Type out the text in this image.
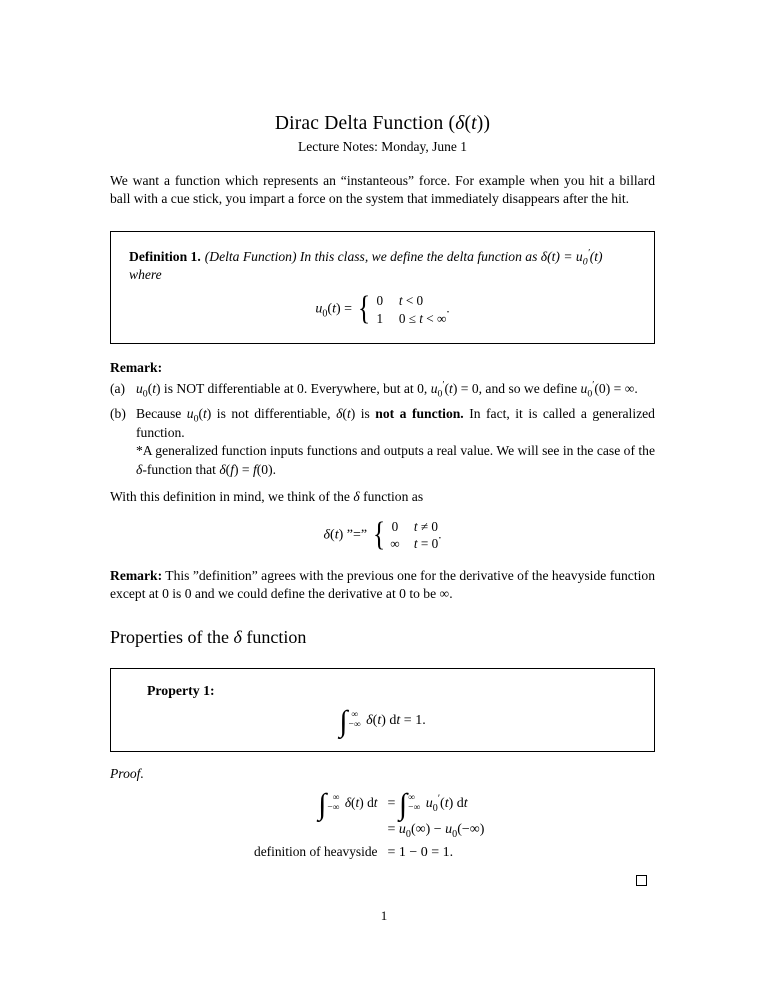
Dirac Delta Function (δ(t))
Lecture Notes: Monday, June 1

We want a function which represents an “instanteous” force. For example when you hit a billard ball with a cue stick, you impart a force on the system that immediately disappears after the hit.

Definition 1. (Delta Function) In this class, we define the delta function as $\delta(t) = u_0'(t)$ where
$u_0(t)$ = { 0	t < 0
1	0 ≤ t < ∞
.
Remark:
(a) $u_0(t)$ is NOT differentiable at 0. Everywhere, but at 0, $u_0'(t) = 0$, and so we define $u_0'(0)$ = ∞.
(b) Because $u_0(t)$ is not differentiable, δ(t) is not a function. In fact, it is called a generalized function.
*A generalized function inputs functions and outputs a real value. We will see in the case of the δ-function that δ(f) = f(0).

With this definition in mind, we think of the δ function as

δ(t) ”=” { 0	t ≠ 0
∞	t = 0
.

Remark: This ”definition” agrees with the previous one for the derivative of the heavyside function except at 0 is 0 and we could define the derivative at 0 to be ∞.

Properties of the δ function
Property 1:
∫ ∞
−∞ δ(t) dt = 1.
Proof.
∫ ∞
−∞ δ(t) dt = ∫ ∞
−∞ $u_0'(t)$ dt
= $u_0(\infty) - u_0(-\infty)$
definition of heavyside = 1 − 0 = 1.
1
